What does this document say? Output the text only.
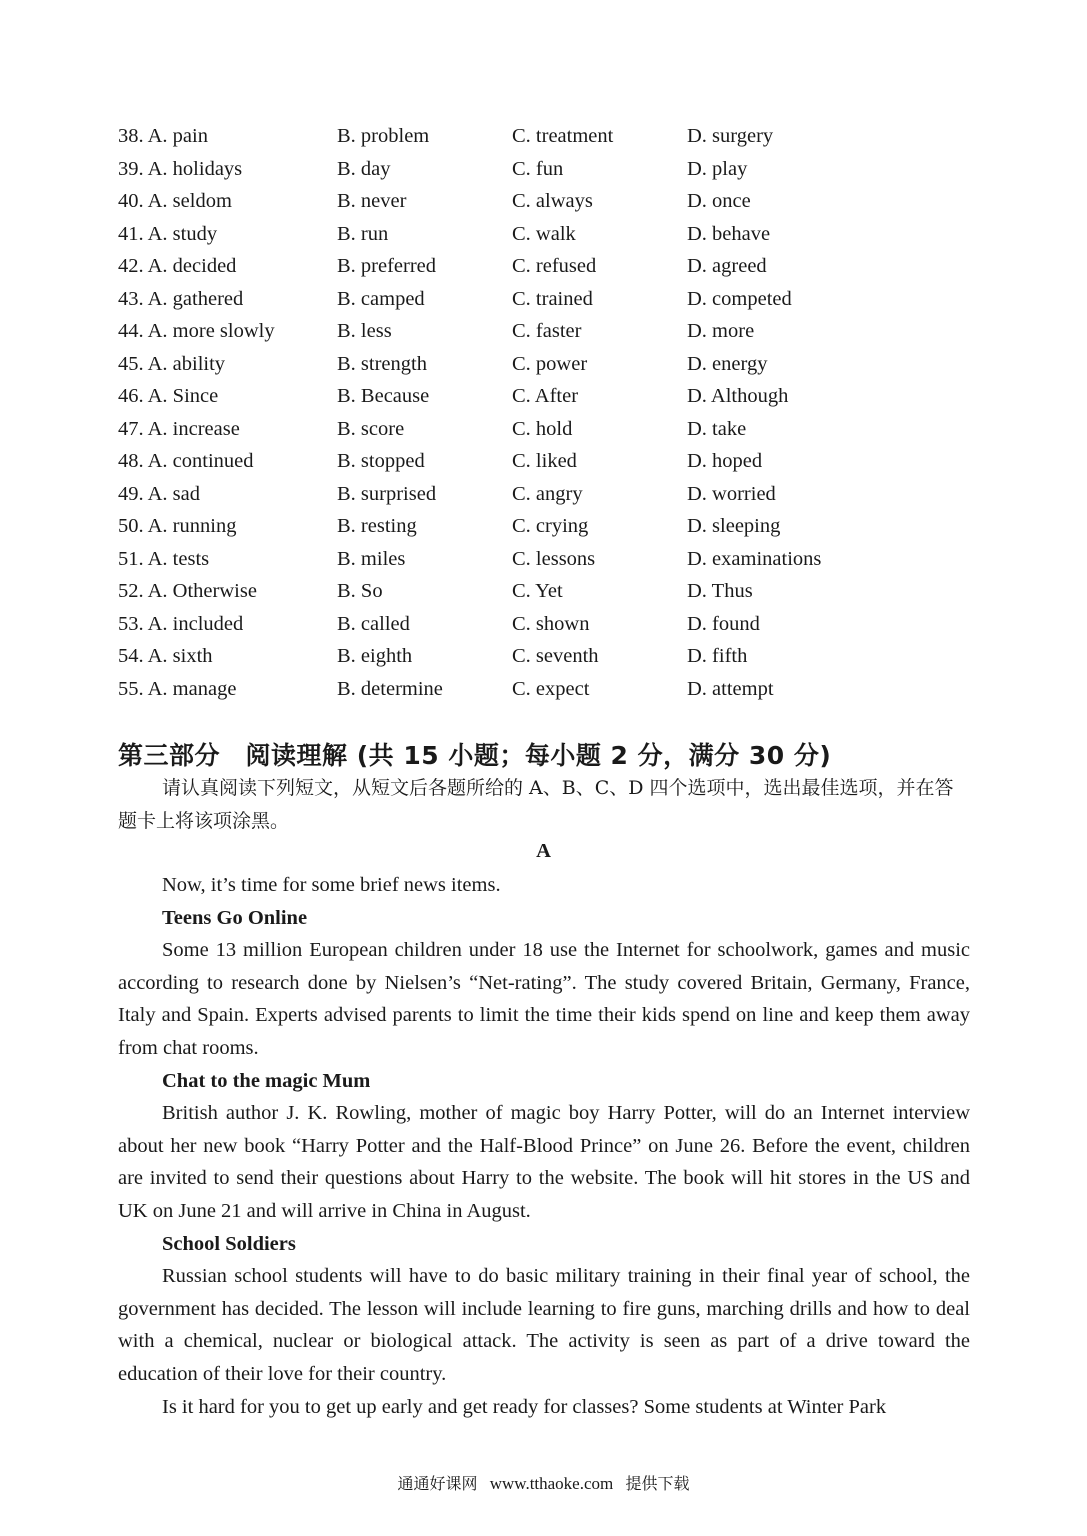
38. A. pain	B. problem	C. treatment	D. surgery
39. A. holidays	B. day	C. fun	D. play
40. A. seldom	B. never	C. always	D. once
41. A. study	B. run	C. walk	D. behave
42. A. decided	B. preferred	C. refused	D. agreed
43. A. gathered	B. camped	C. trained	D. competed
44. A. more slowly	B. less	C. faster	D. more
45. A. ability	B. strength	C. power	D. energy
46. A. Since	B. Because	C. After	D. Although
47. A. increase	B. score	C. hold	D. take
48. A. continued	B. stopped	C. liked	D. hoped
49. A. sad	B. surprised	C. angry	D. worried
50. A. running	B. resting	C. crying	D. sleeping
51. A. tests	B. miles	C. lessons	D. examinations
52. A. Otherwise	B. So	C. Yet	D. Thus
53. A. included	B. called	C. shown	D. found
54. A. sixth	B. eighth	C. seventh	D. fifth
55. A. manage	B. determine	C. expect	D. attempt
第三部分　阅读理解 (共 15 小题；每小题 2 分，满分 30 分)
请认真阅读下列短文，从短文后各题所给的 A、B、C、D 四个选项中，选出最佳选项，并在答题卡上将该项涂黑。
A

Now, it’s time for some brief news items.

Teens Go Online

Some 13 million European children under 18 use the Internet for schoolwork, games and music according to research done by Nielsen’s “Net-rating”. The study covered Britain, Germany, France, Italy and Spain. Experts advised parents to limit the time their kids spend on line and keep them away from chat rooms.

Chat to the magic Mum

British author J. K. Rowling, mother of magic boy Harry Potter, will do an Internet interview about her new book “Harry Potter and the Half-Blood Prince” on June 26. Before the event, children are invited to send their questions about Harry to the website. The book will hit stores in the US and UK on June 21 and will arrive in China in August.

School Soldiers

Russian school students will have to do basic military training in their final year of school, the government has decided. The lesson will include learning to fire guns, marching drills and how to deal with a chemical, nuclear or biological attack. The activity is seen as part of a drive toward the education of their love for their country.

Is it hard for you to get up early and get ready for classes? Some students at Winter Park

通通好课网 www.tthaoke.com 提供下载
